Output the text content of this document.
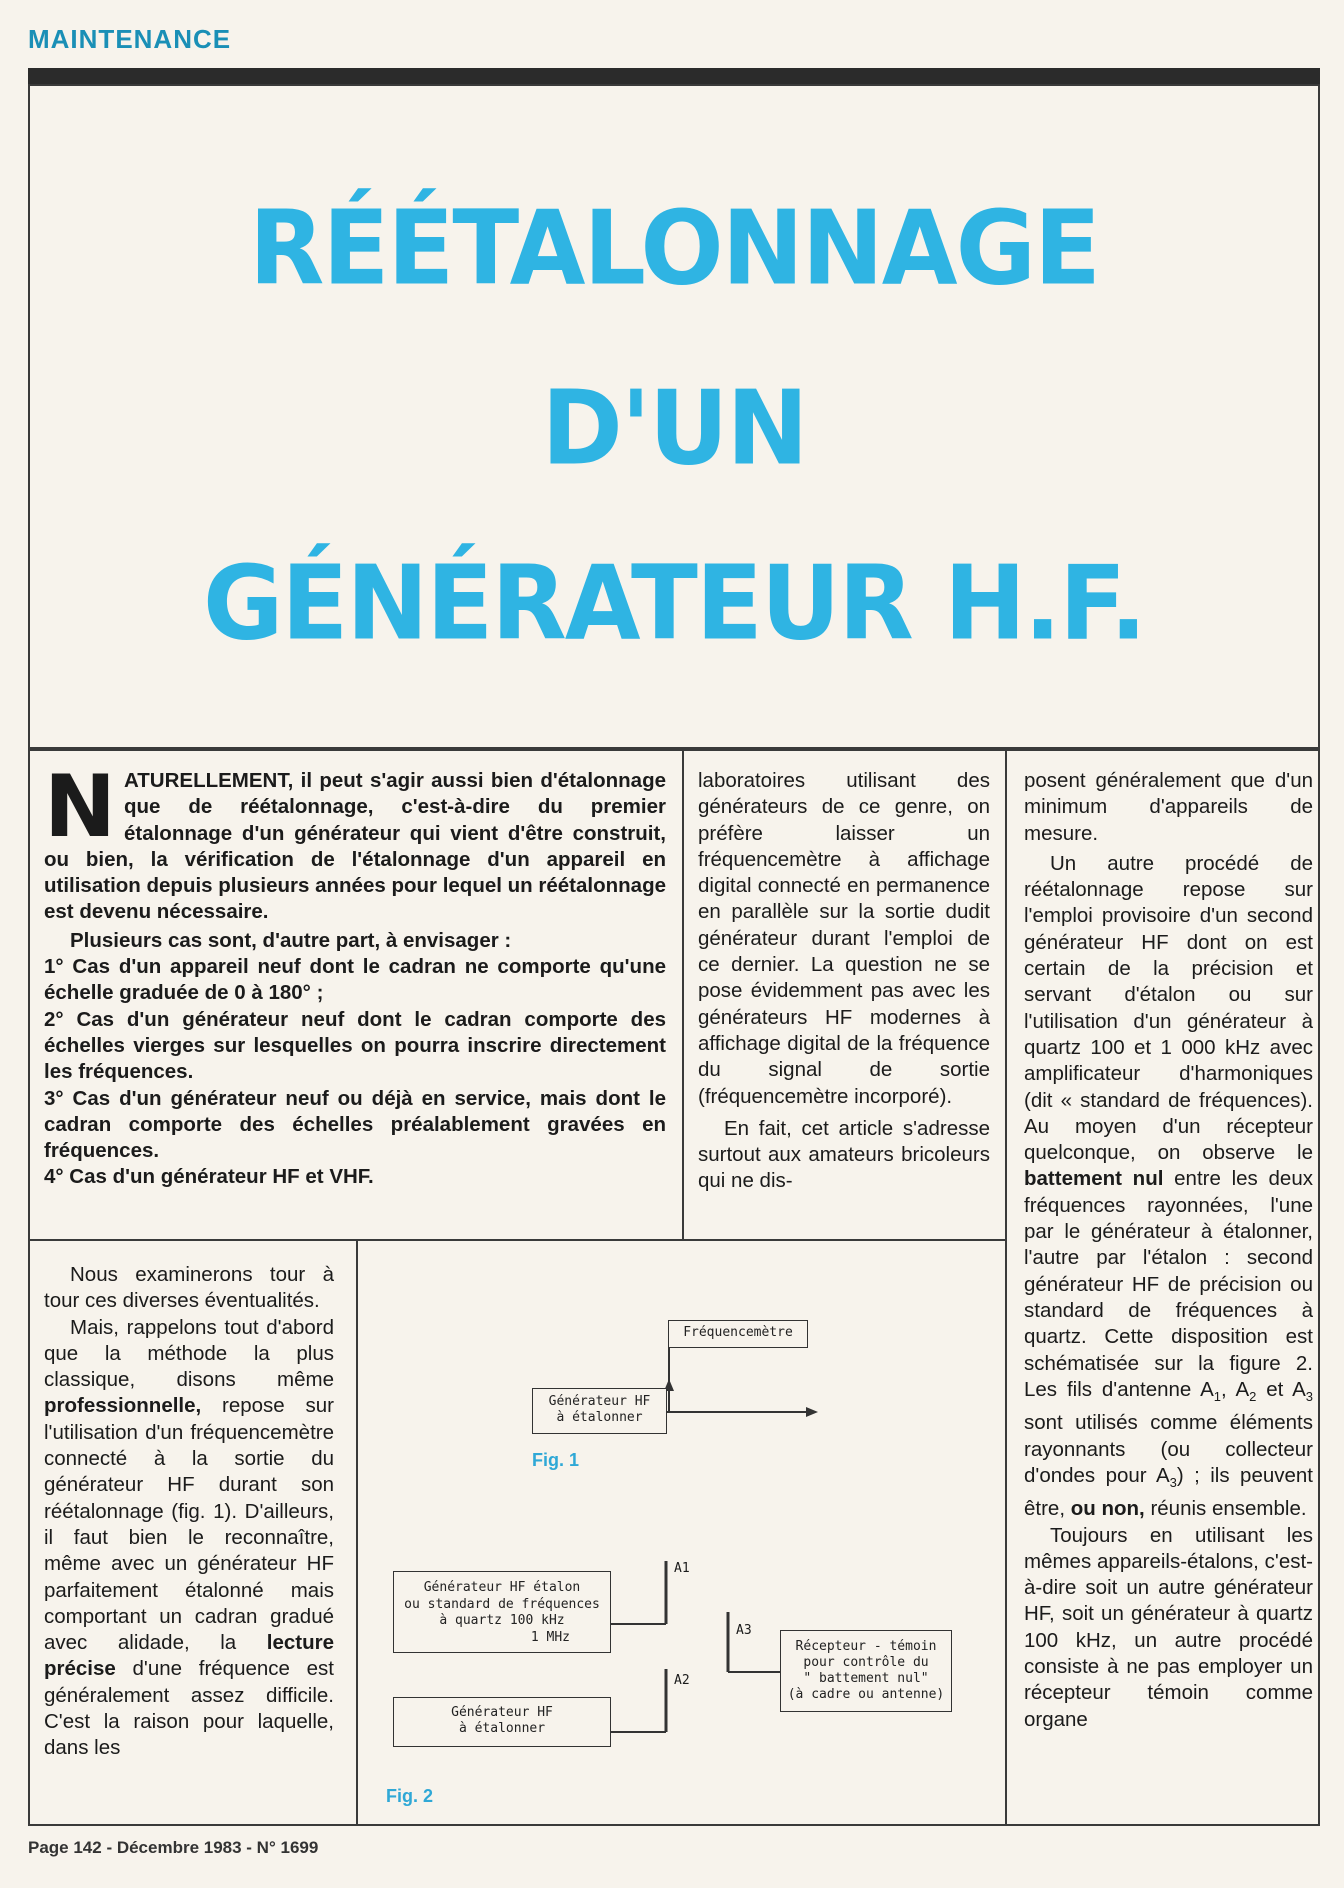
MAINTENANCE
RÉÉTALONNAGE
D'UN
GÉNÉRATEUR H.F.
N ATURELLEMENT, il peut s'agir aussi bien d'étalonnage que de réétalonnage, c'est-à-dire du premier étalonnage d'un générateur qui vient d'être construit, ou bien, la vérification de l'étalonnage d'un appareil en utilisation depuis plusieurs années pour lequel un réétalonnage est devenu nécessaire.

Plusieurs cas sont, d'autre part, à envisager :

1° Cas d'un appareil neuf dont le cadran ne comporte qu'une échelle graduée de 0 à 180° ;

2° Cas d'un générateur neuf dont le cadran comporte des échelles vierges sur lesquelles on pourra inscrire directement les fréquences.

3° Cas d'un générateur neuf ou déjà en service, mais dont le cadran comporte des échelles préalablement gravées en fréquences.

4° Cas d'un générateur HF et VHF.

laboratoires utilisant des générateurs de ce genre, on préfère laisser un fréquencemètre à affichage digital connecté en permanence en parallèle sur la sortie dudit générateur durant l'emploi de ce dernier. La question ne se pose évidemment pas avec les générateurs HF modernes à affichage digital de la fréquence du signal de sortie (fréquencemètre incorporé).

En fait, cet article s'adresse surtout aux amateurs bricoleurs qui ne dis-

Nous examinerons tour à tour ces diverses éventualités.

Mais, rappelons tout d'abord que la méthode la plus classique, disons même professionnelle, repose sur l'utilisation d'un fréquencemètre connecté à la sortie du générateur HF durant son réétalonnage (fig. 1). D'ailleurs, il faut bien le reconnaître, même avec un générateur HF parfaitement étalonné mais comportant un cadran gradué avec alidade, la lecture précise d'une fréquence est généralement assez difficile. C'est la raison pour laquelle, dans les

Fréquencemètre
Générateur HF
à étalonner
Fig. 1
Générateur HF étalon
ou standard de fréquences
à quartz 100 kHz
1 MHz
Générateur HF
à étalonner
Récepteur - témoin
pour contrôle du
" battement nul"
(à cadre ou antenne)
A1
A2
A3
Fig. 2

posent généralement que d'un minimum d'appareils de mesure.

Un autre procédé de réétalonnage repose sur l'emploi provisoire d'un second générateur HF dont on est certain de la précision et servant d'étalon ou sur l'utilisation d'un générateur à quartz 100 et 1 000 kHz avec amplificateur d'harmoniques (dit « standard de fréquences). Au moyen d'un récepteur quelconque, on observe le battement nul entre les deux fréquences rayonnées, l'une par le générateur à étalonner, l'autre par l'étalon : second générateur HF de précision ou standard de fréquences à quartz. Cette disposition est schématisée sur la figure 2. Les fils d'antenne $A_1$, $A_2$ et $A_3$ sont utilisés comme éléments rayonnants (ou collecteur d'ondes pour $A_3$) ; ils peuvent être, ou non, réunis ensemble.

Toujours en utilisant les mêmes appareils-étalons, c'est-à-dire soit un autre générateur HF, soit un générateur à quartz 100 kHz, un autre procédé consiste à ne pas employer un récepteur témoin comme organe

Page 142 - Décembre 1983 - N° 1699
